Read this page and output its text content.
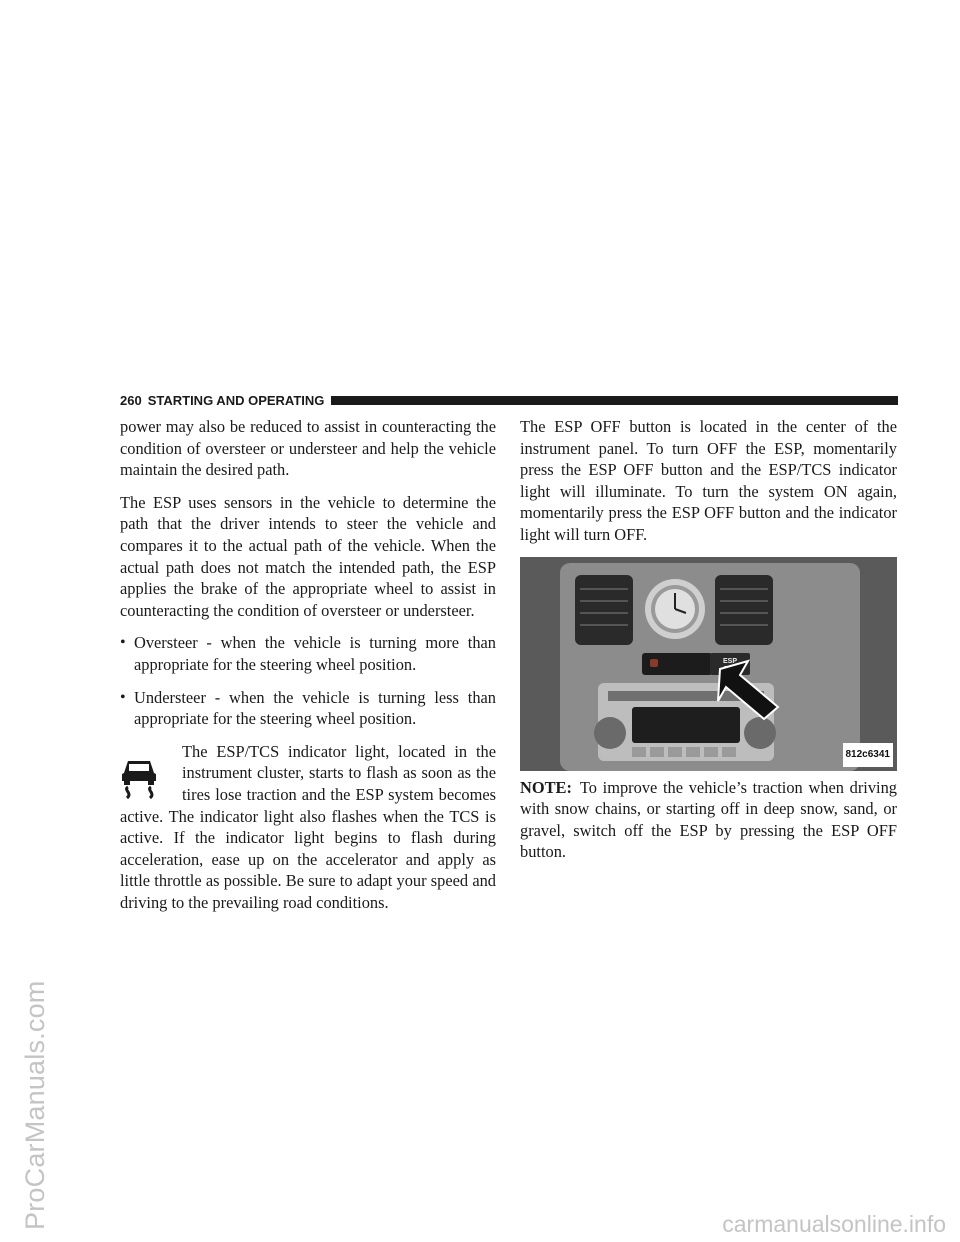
ProCarManuals.com	carmanualsonline.info
260 STARTING AND OPERATING

power may also be reduced to assist in counteracting the condition of oversteer or understeer and help the vehicle maintain the desired path.

The ESP uses sensors in the vehicle to determine the path that the driver intends to steer the vehicle and compares it to the actual path of the vehicle. When the actual path does not match the intended path, the ESP applies the brake of the appropriate wheel to assist in counteracting the condition of oversteer or understeer.

• Oversteer - when the vehicle is turning more than appropriate for the steering wheel position.
• Understeer - when the vehicle is turning less than appropriate for the steering wheel position.

The ESP/TCS indicator light, located in the instrument cluster, starts to flash as soon as the tires lose traction and the ESP system becomes active. The indicator light also flashes when the TCS is active. If the indicator light begins to flash during acceleration, ease up on the accelerator and apply as little throttle as possible. Be sure to adapt your speed and driving to the prevailing road conditions.

The ESP OFF button is located in the center of the instrument panel. To turn OFF the ESP, momentarily press the ESP OFF button and the ESP/TCS indicator light will illuminate. To turn the system ON again, momentarily press the ESP OFF button and the indicator light will turn OFF.

ESP
812c6341

NOTE: To improve the vehicle’s traction when driving with snow chains, or starting off in deep snow, sand, or gravel, switch off the ESP by pressing the ESP OFF button.
